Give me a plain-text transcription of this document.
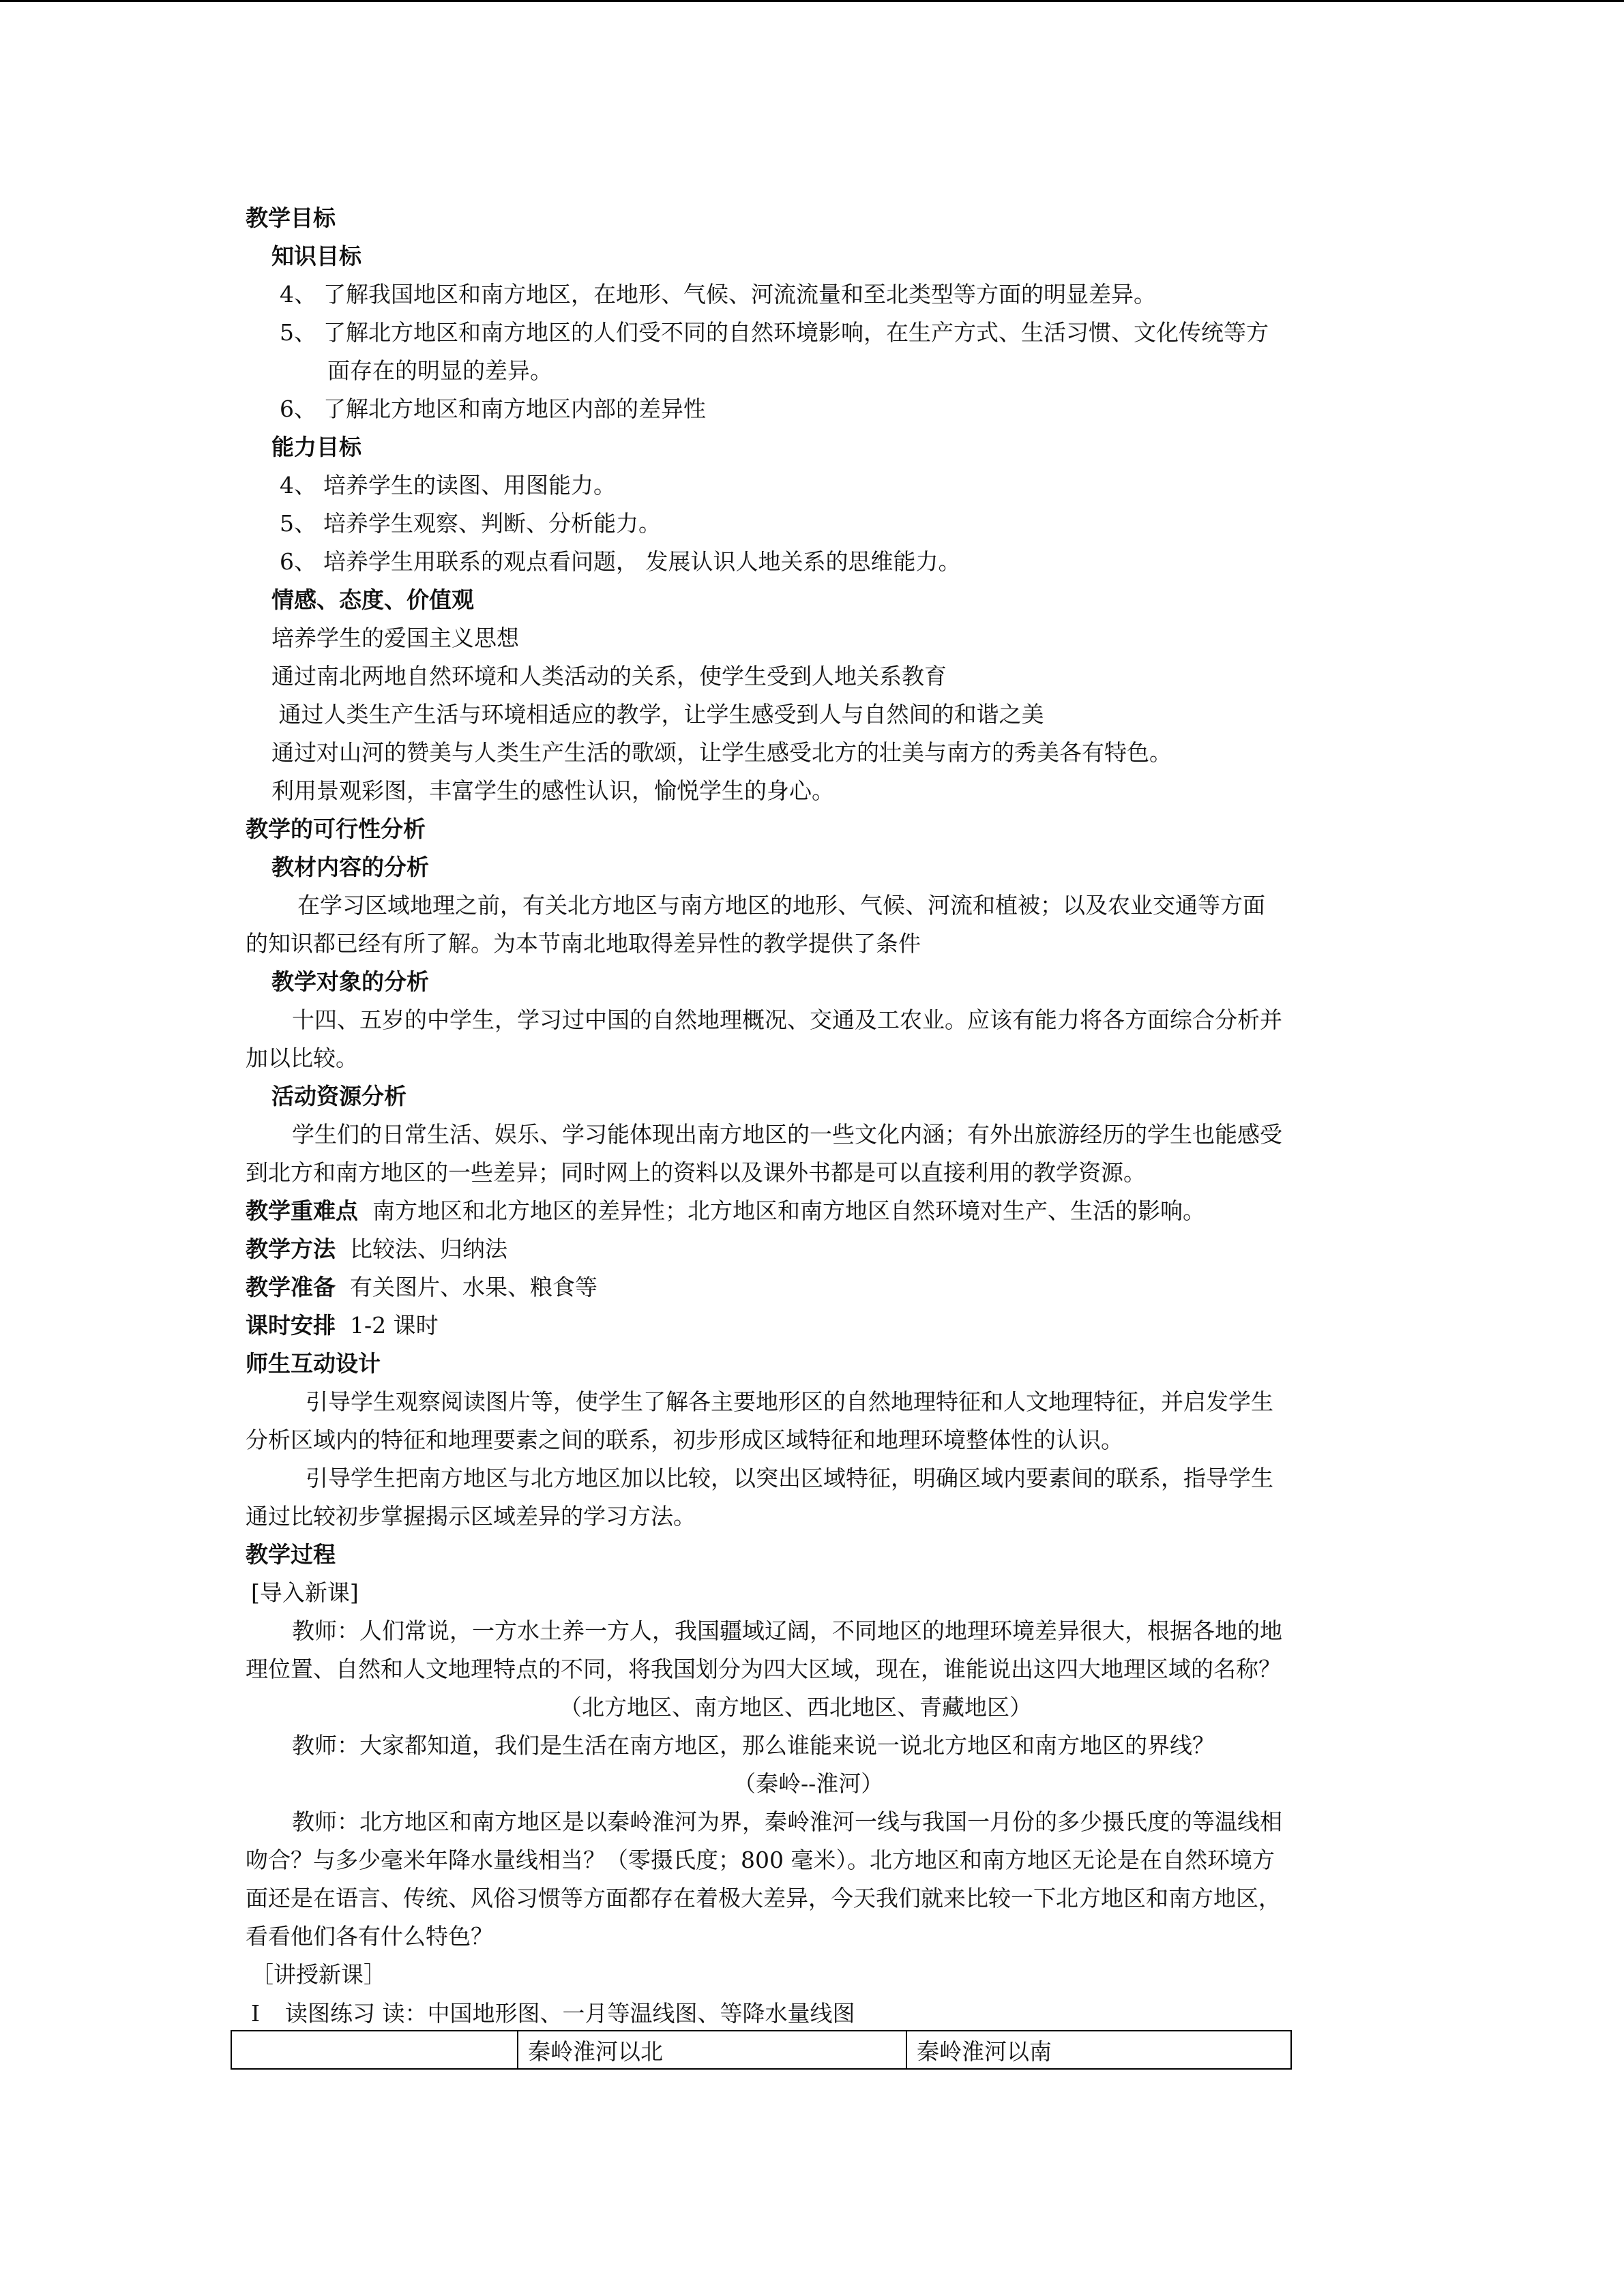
教学目标
知识目标
4、 了解我国地区和南方地区，在地形、气候、河流流量和至北类型等方面的明显差异。
5、 了解北方地区和南方地区的人们受不同的自然环境影响，在生产方式、生活习惯、文化传统等方
面存在的明显的差异。
6、 了解北方地区和南方地区内部的差异性
能力目标
4、 培养学生的读图、用图能力。
5、 培养学生观察、判断、分析能力。
6、 培养学生用联系的观点看问题， 发展认识人地关系的思维能力。
情感、态度、价值观
培养学生的爱国主义思想
通过南北两地自然环境和人类活动的关系，使学生受到人地关系教育
通过人类生产生活与环境相适应的教学，让学生感受到人与自然间的和谐之美
通过对山河的赞美与人类生产生活的歌颂，让学生感受北方的壮美与南方的秀美各有特色。
利用景观彩图，丰富学生的感性认识，愉悦学生的身心。
教学的可行性分析
教材内容的分析
在学习区域地理之前，有关北方地区与南方地区的地形、气候、河流和植被；以及农业交通等方面
的知识都已经有所了解。为本节南北地取得差异性的教学提供了条件
教学对象的分析
十四、五岁的中学生，学习过中国的自然地理概况、交通及工农业。应该有能力将各方面综合分析并
加以比较。
活动资源分析
学生们的日常生活、娱乐、学习能体现出南方地区的一些文化内涵；有外出旅游经历的学生也能感受
到北方和南方地区的一些差异；同时网上的资料以及课外书都是可以直接利用的教学资源。
教学重难点 南方地区和北方地区的差异性；北方地区和南方地区自然环境对生产、生活的影响。
教学方法 比较法、归纳法
教学准备 有关图片、水果、粮食等
课时安排 1-2 课时
师生互动设计
引导学生观察阅读图片等，使学生了解各主要地形区的自然地理特征和人文地理特征，并启发学生
分析区域内的特征和地理要素之间的联系，初步形成区域特征和地理环境整体性的认识。
引导学生把南方地区与北方地区加以比较，以突出区域特征，明确区域内要素间的联系，指导学生
通过比较初步掌握揭示区域差异的学习方法。
教学过程
[导入新课]
教师：人们常说，一方水土养一方人，我国疆域辽阔，不同地区的地理环境差异很大，根据各地的地
理位置、自然和人文地理特点的不同，将我国划分为四大区域，现在，谁能说出这四大地理区域的名称？
（北方地区、南方地区、西北地区、青藏地区）
教师：大家都知道，我们是生活在南方地区，那么谁能来说一说北方地区和南方地区的界线？
（秦岭--淮河）
教师：北方地区和南方地区是以秦岭淮河为界，秦岭淮河一线与我国一月份的多少摄氏度的等温线相
吻合？与多少毫米年降水量线相当？（零摄氏度；800 毫米）。北方地区和南方地区无论是在自然环境方
面还是在语言、传统、风俗习惯等方面都存在着极大差异，今天我们就来比较一下北方地区和南方地区，
看看他们各有什么特色？
［讲授新课］
Ⅰ 读图练习 读：中国地形图、一月等温线图、等降水量线图
	秦岭淮河以北	秦岭淮河以南
